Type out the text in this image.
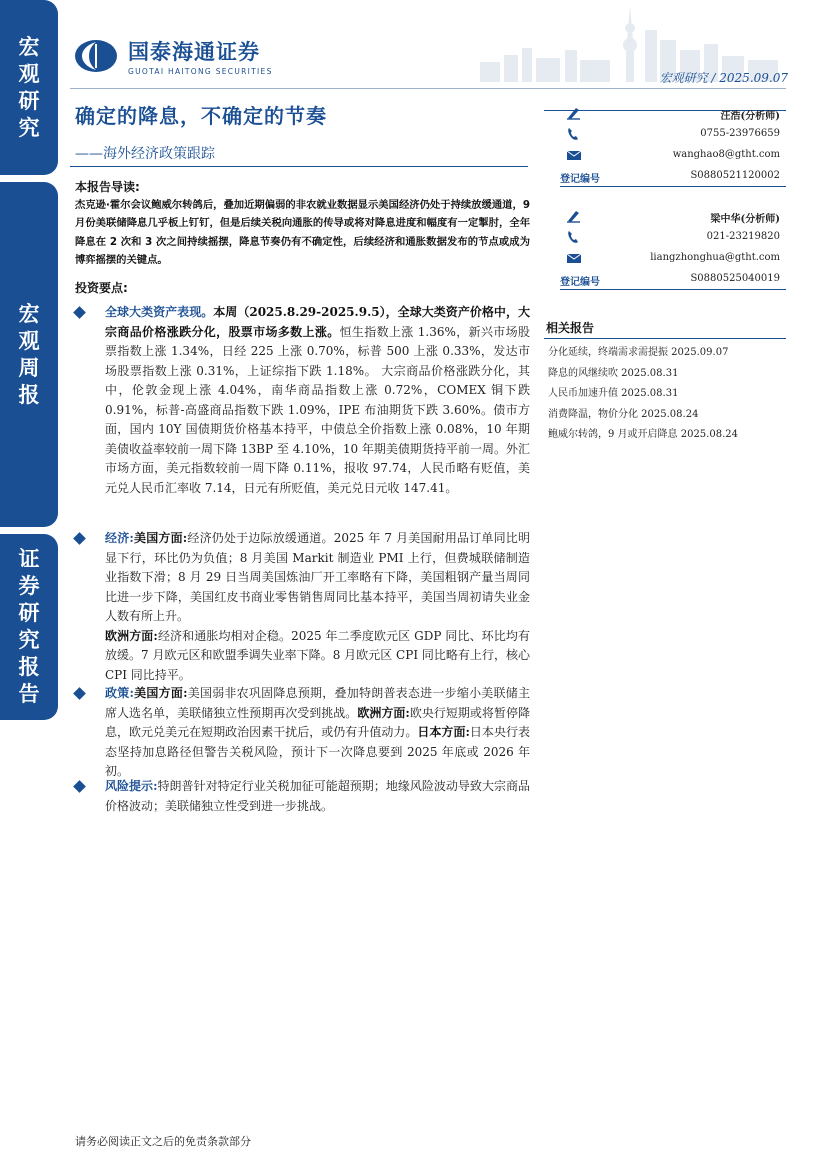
宏
观
研
究
宏
观
周
报
证
券
研
究
报
告
国泰海通证券
GUOTAI HAITONG SECURITIES	宏观研究 / 2025.09.07
确定的降息，不确定的节奏
——海外经济政策跟踪
本报告导读:
杰克逊·霍尔会议鲍威尔转鸽后，叠加近期偏弱的非农就业数据显示美国经济仍处于持续放缓通道，9 月份美联储降息几乎板上钉钉，但是后续关税向通胀的传导或将对降息进度和幅度有一定掣肘，全年降息在 2 次和 3 次之间持续摇摆，降息节奏仍有不确定性，后续经济和通胀数据发布的节点或成为博弈摇摆的关键点。
投资要点:
全球大类资产表现。本周（2025.8.29-2025.9.5），全球大类资产价格中，大宗商品价格涨跌分化，股票市场多数上涨。恒生指数上涨 1.36%，新兴市场股票指数上涨 1.34%，日经 225 上涨 0.70%，标普 500 上涨 0.33%，发达市场股票指数上涨 0.31%，上证综指下跌 1.18%。 大宗商品价格涨跌分化，其中，伦敦金现上涨 4.04%，南华商品指数上涨 0.72%，COMEX 铜下跌 0.91%，标普-高盛商品指数下跌 1.09%，IPE 布油期货下跌 3.60%。债市方面，国内 10Y 国债期货价格基本持平，中债总全价指数上涨 0.08%，10 年期美债收益率较前一周下降 13BP 至 4.10%，10 年期美债期货持平前一周。外汇市场方面，美元指数较前一周下降 0.11%，报收 97.74，人民币略有贬值，美元兑人民币汇率收 7.14，日元有所贬值，美元兑日元收 147.41。
经济:美国方面:经济仍处于边际放缓通道。2025 年 7 月美国耐用品订单同比明显下行，环比仍为负值；8 月美国 Markit 制造业 PMI 上行，但费城联储制造业指数下滑；8 月 29 日当周美国炼油厂开工率略有下降，美国粗钢产量当周同比进一步下降，美国红皮书商业零售销售周同比基本持平，美国当周初请失业金人数有所上升。
欧洲方面:经济和通胀均相对企稳。2025 年二季度欧元区 GDP 同比、环比均有放缓。7 月欧元区和欧盟季调失业率下降。8 月欧元区 CPI 同比略有上行，核心 CPI 同比持平。
政策:美国方面:美国弱非农巩固降息预期，叠加特朗普表态进一步缩小美联储主席人选名单，美联储独立性预期再次受到挑战。欧洲方面:欧央行短期或将暂停降息，欧元兑美元在短期政治因素干扰后，或仍有升值动力。日本方面:日本央行表态坚持加息路径但警告关税风险，预计下一次降息要到 2025 年底或 2026 年初。
风险提示:特朗普针对特定行业关税加征可能超预期；地缘风险波动导致大宗商品价格波动；美联储独立性受到进一步挑战。
汪浩(分析师)
0755-23976659
wanghao8@gtht.com
登记编号	S0880521120002
梁中华(分析师)
021-23219820
liangzhonghua@gtht.com
登记编号	S0880525040019
相关报告
分化延续，终端需求需提振 2025.09.07
降息的风继续吹 2025.08.31
人民币加速升值 2025.08.31
消费降温，物价分化 2025.08.24
鲍威尔转鸽，9 月或开启降息 2025.08.24
请务必阅读正文之后的免责条款部分
